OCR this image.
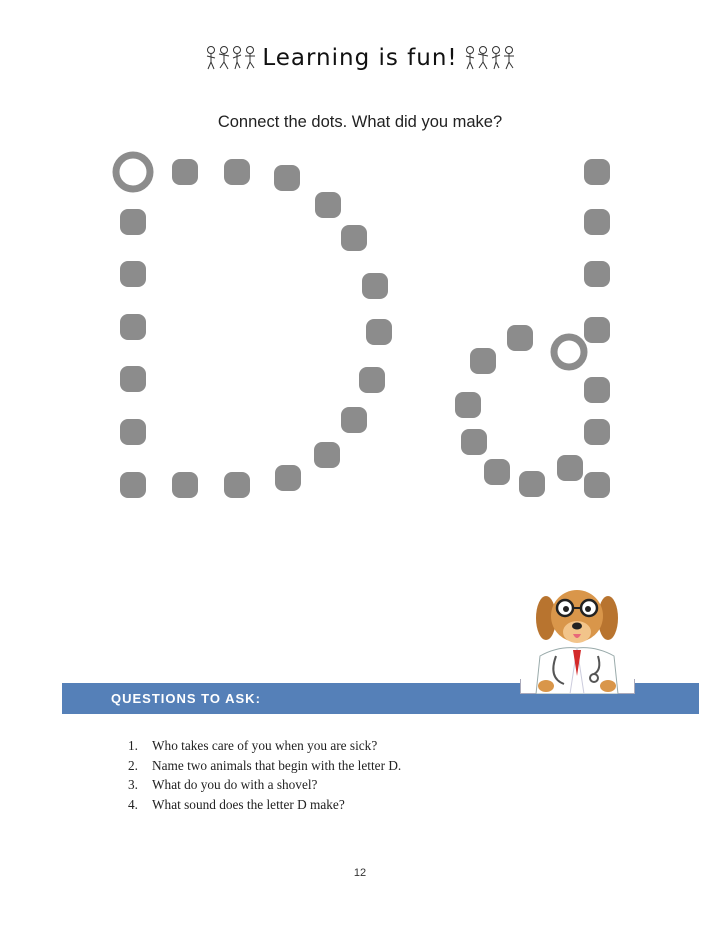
Learning is fun!
Connect the dots. What did you make?
QUESTIONS TO ASK:
1.	Who takes care of you when you are sick?
2.	Name two animals that begin with the letter D.
3.	What do you do with a shovel?
4.	What sound does the letter D make?
12
